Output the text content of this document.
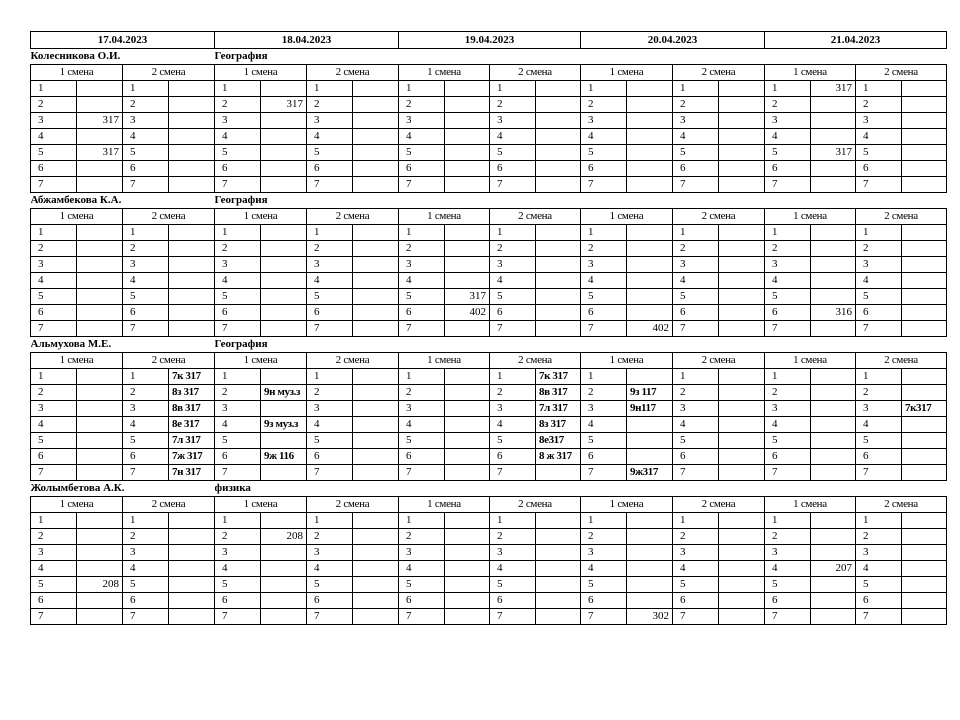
17.04.2023				18.04.2023				19.04.2023				20.04.2023				21.04.2023			
Колесникова О.И.				География															
1 смена		2 смена		1 смена		2 смена		1 смена		2 смена		1 смена		2 смена		1 смена		2 смена	
1		1		1		1		1		1		1		1		1	317	1	
2		2		2	317	2		2		2		2		2		2		2	
3	317	3		3		3		3		3		3		3		3		3	
4		4		4		4		4		4		4		4		4		4	
5	317	5		5		5		5		5		5		5		5	317	5	
6		6		6		6		6		6		6		6		6		6	
7		7		7		7		7		7		7		7		7		7	
Абжамбекова К.А.				География															
1 смена		2 смена		1 смена		2 смена		1 смена		2 смена		1 смена		2 смена		1 смена		2 смена	
1		1		1		1		1		1		1		1		1		1	
2		2		2		2		2		2		2		2		2		2	
3		3		3		3		3		3		3		3		3		3	
4		4		4		4		4		4		4		4		4		4	
5		5		5		5		5	317	5		5		5		5		5	
6		6		6		6		6	402	6		6		6		6	316	6	
7		7		7		7		7		7		7	402	7		7		7	
Альмухова М.Е.				География															
1 смена		2 смена		1 смена		2 смена		1 смена		2 смена		1 смена		2 смена		1 смена		2 смена	
1		1	7к 317	1		1		1		1	7к 317	1		1		1		1	
2		2	8з 317	2	9н муз.з	2		2		2	8в 317	2	9з 117	2		2		2	
3		3	8в 317	3		3		3		3	7л 317	3	9н117	3		3		3	7к317
4		4	8е 317	4	9з муз.з	4		4		4	8з 317	4		4		4		4	
5		5	7л 317	5		5		5		5	8е317	5		5		5		5	
6		6	7ж 317	6	9ж 116	6		6		6	8 ж 317	6		6		6		6	
7		7	7н 317	7		7		7		7		7	9ж317	7		7		7	
Жолымбетова А.К.				физика															
1 смена		2 смена		1 смена		2 смена		1 смена		2 смена		1 смена		2 смена		1 смена		2 смена	
1		1		1		1		1		1		1		1		1		1	
2		2		2	208	2		2		2		2		2		2		2	
3		3		3		3		3		3		3		3		3		3	
4		4		4		4		4		4		4		4		4	207	4	
5	208	5		5		5		5		5		5		5		5		5	
6		6		6		6		6		6		6		6		6		6	
7		7		7		7		7		7		7	302	7		7		7	
